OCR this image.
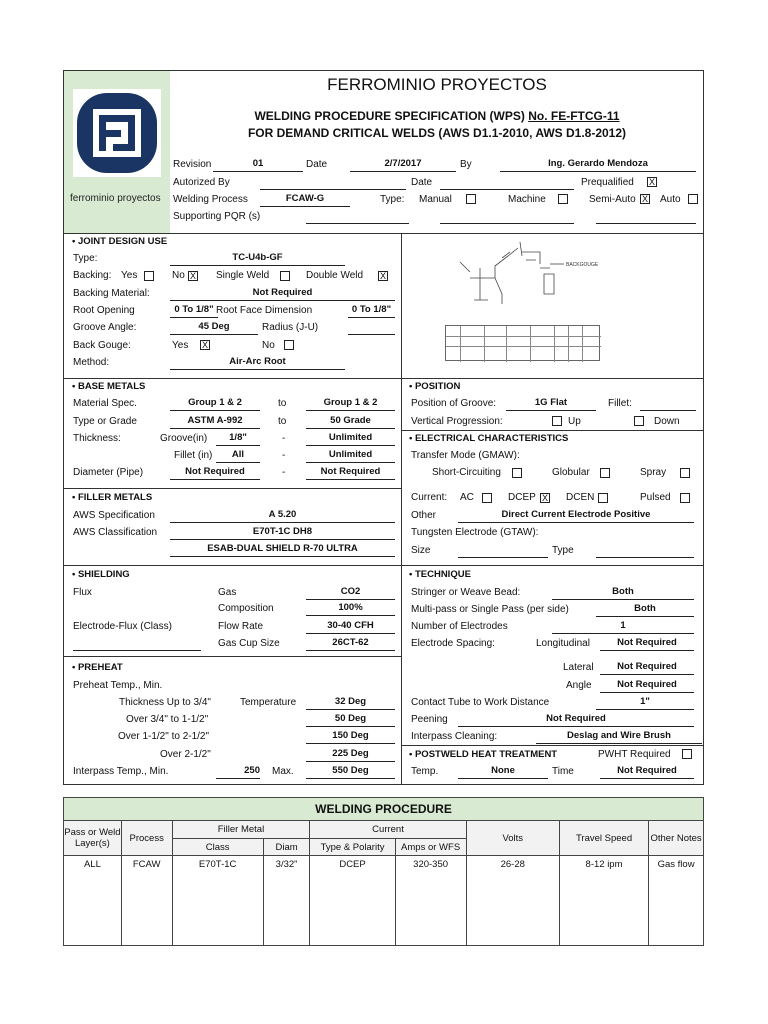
ferrominio proyectos
FERROMINIO PROYECTOS
WELDING PROCEDURE SPECIFICATION (WPS) No. FE-FTCG-11
FOR DEMAND CRITICAL WELDS (AWS D1.1-2010, AWS D1.8-2012)
Revision	01	Date	2/7/2017	By	Ing. Gerardo Mendoza
Autorized By	Date	Prequalified X
Welding Process	FCAW-G	Type: Manual	Machine	Semi-Auto X Auto
Supporting PQR (s)
• JOINT DESIGN USE
Type:	TC-U4b-GF
Backing: Yes	No X Single Weld	Double Weld X
Backing Material:	Not Required
Root Opening	0 To 1/8" Root Face Dimension	0 To 1/8"
Groove Angle:	45 Deg	Radius (J-U)
Back Gouge:	Yes X	No
Method:	Air-Arc Root
BACKGOUGE
• BASE METALS
Material Spec.	Group 1 & 2	to	Group 1 & 2
Type or Grade	ASTM A-992	to	50 Grade
Thickness:	Groove(in)	1/8"	-	Unlimited
Fillet (in)	All	-	Unlimited
Diameter (Pipe)	Not Required	-	Not Required
• POSITION
Position of Groove:	1G Flat	Fillet:
Vertical Progression:	Up	Down
• ELECTRICAL CHARACTERISTICS
Transfer Mode (GMAW):
Short-Circuiting	Globular	Spray
Current: AC	DCEP X DCEN	Pulsed
Other	Direct Current Electrode Positive
Tungsten Electrode (GTAW):
Size	Type
• FILLER METALS
AWS Specification	A 5.20
AWS Classification	E70T-1C DH8
ESAB-DUAL SHIELD R-70 ULTRA
• SHIELDING
Flux	Gas	CO2
Composition	100%
Electrode-Flux (Class)	Flow Rate	30-40 CFH
Gas Cup Size	26CT-62
• TECHNIQUE
Stringer or Weave Bead:	Both
Multi-pass or Single Pass (per side)	Both
Number of Electrodes	1
Electrode Spacing:	Longitudinal	Not Required
Lateral	Not Required
Angle	Not Required
Contact Tube to Work Distance	1"
Peening	Not Required
Interpass Cleaning:	Deslag and Wire Brush
• PREHEAT
Preheat Temp., Min.
Thickness Up to 3/4"	Temperature	32 Deg
Over 3/4" to 1-1/2"	50 Deg
Over 1-1/2" to 2-1/2"	150 Deg
Over 2-1/2"	225 Deg
Interpass Temp., Min.	250 Max.	550 Deg
• POSTWELD HEAT TREATMENT	PWHT Required
Temp.	None	Time	Not Required
WELDING PROCEDURE								
Pass or Weld Layer(s)	Process	Filler Metal		Current		Volts	Travel Speed	Other Notes
		Class	Diam	Type & Polarity	Amps or WFS			
ALL	FCAW	E70T-1C	3/32"	DCEP	320-350	26-28	8-12 ipm	Gas flow
